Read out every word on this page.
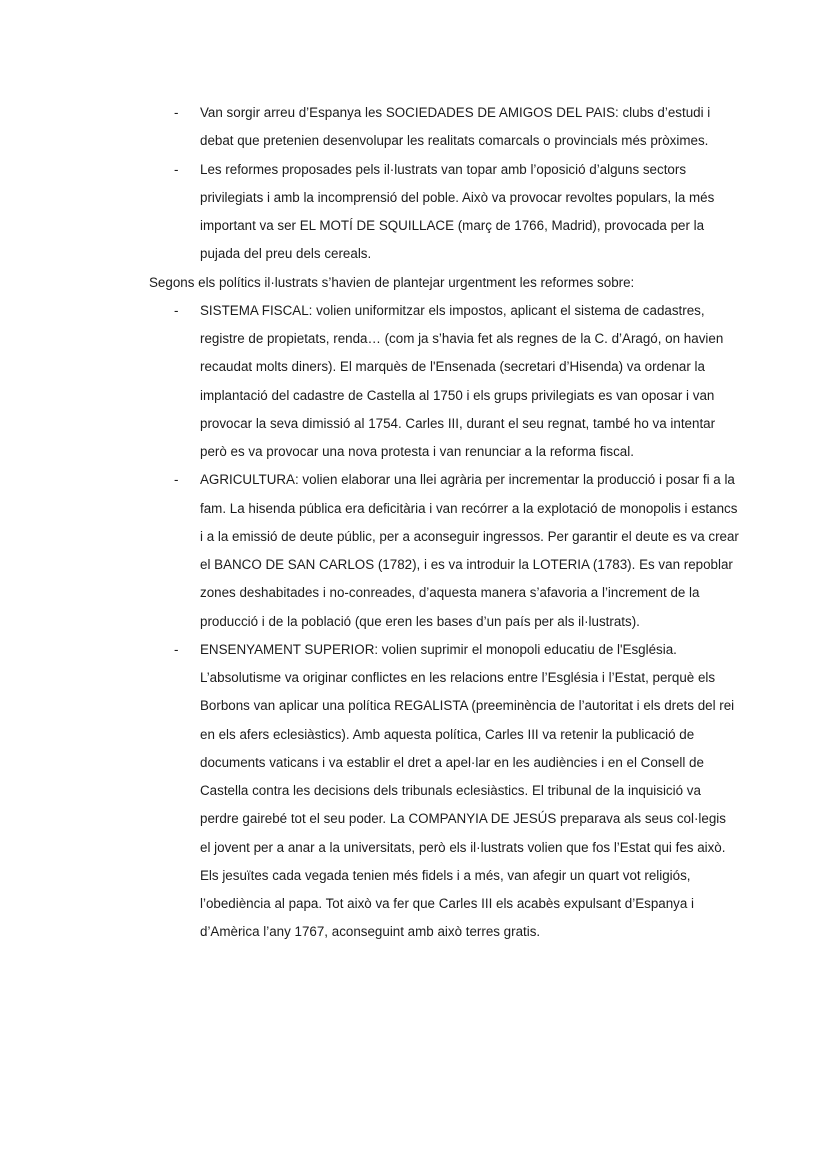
- Van sorgir arreu d’Espanya les SOCIEDADES DE AMIGOS DEL PAIS: clubs d’estudi i debat que pretenien desenvolupar les realitats comarcals o provincials més pròximes.
- Les reformes proposades pels il·lustrats van topar amb l’oposició d’alguns sectors privilegiats i amb la incomprensió del poble. Això va provocar revoltes populars, la més important va ser EL MOTÍ DE SQUILLACE (març de 1766, Madrid), provocada per la pujada del preu dels cereals.

Segons els polítics il·lustrats s’havien de plantejar urgentment les reformes sobre:

- SISTEMA FISCAL: volien uniformitzar els impostos, aplicant el sistema de cadastres, registre de propietats, renda… (com ja s’havia fet als regnes de la C. d’Aragó, on havien recaudat molts diners). El marquès de l'Ensenada (secretari d’Hisenda) va ordenar la implantació del cadastre de Castella al 1750 i els grups privilegiats es van oposar i van provocar la seva dimissió al 1754. Carles III, durant el seu regnat, també ho va intentar però es va provocar una nova protesta i van renunciar a la reforma fiscal.
- AGRICULTURA: volien elaborar una llei agrària per incrementar la producció i posar fi a la fam. La hisenda pública era deficitària i van recórrer a la explotació de monopolis i estancs i a la emissió de deute públic, per a aconseguir ingressos. Per garantir el deute es va crear el BANCO DE SAN CARLOS (1782), i es va introduir la LOTERIA (1783). Es van repoblar zones deshabitades i no-conreades, d’aquesta manera s’afavoria a l’increment de la producció i de la població (que eren les bases d’un país per als il·lustrats).
- ENSENYAMENT SUPERIOR: volien suprimir el monopoli educatiu de l'Església. L’absolutisme va originar conflictes en les relacions entre l’Església i l’Estat, perquè els Borbons van aplicar una política REGALISTA (preeminència de l’autoritat i els drets del rei en els afers eclesiàstics). Amb aquesta política, Carles III va retenir la publicació de documents vaticans i va establir el dret a apel·lar en les audiències i en el Consell de Castella contra les decisions dels tribunals eclesiàstics. El tribunal de la inquisició va perdre gairebé tot el seu poder. La COMPANYIA DE JESÚS preparava als seus col·legis el jovent per a anar a la universitats, però els il·lustrats volien que fos l’Estat qui fes això. Els jesuïtes cada vegada tenien més fidels i a més, van afegir un quart vot religiós, l’obediència al papa. Tot això va fer que Carles III els acabès expulsant d’Espanya i d’Amèrica l’any 1767, aconseguint amb això terres gratis.
